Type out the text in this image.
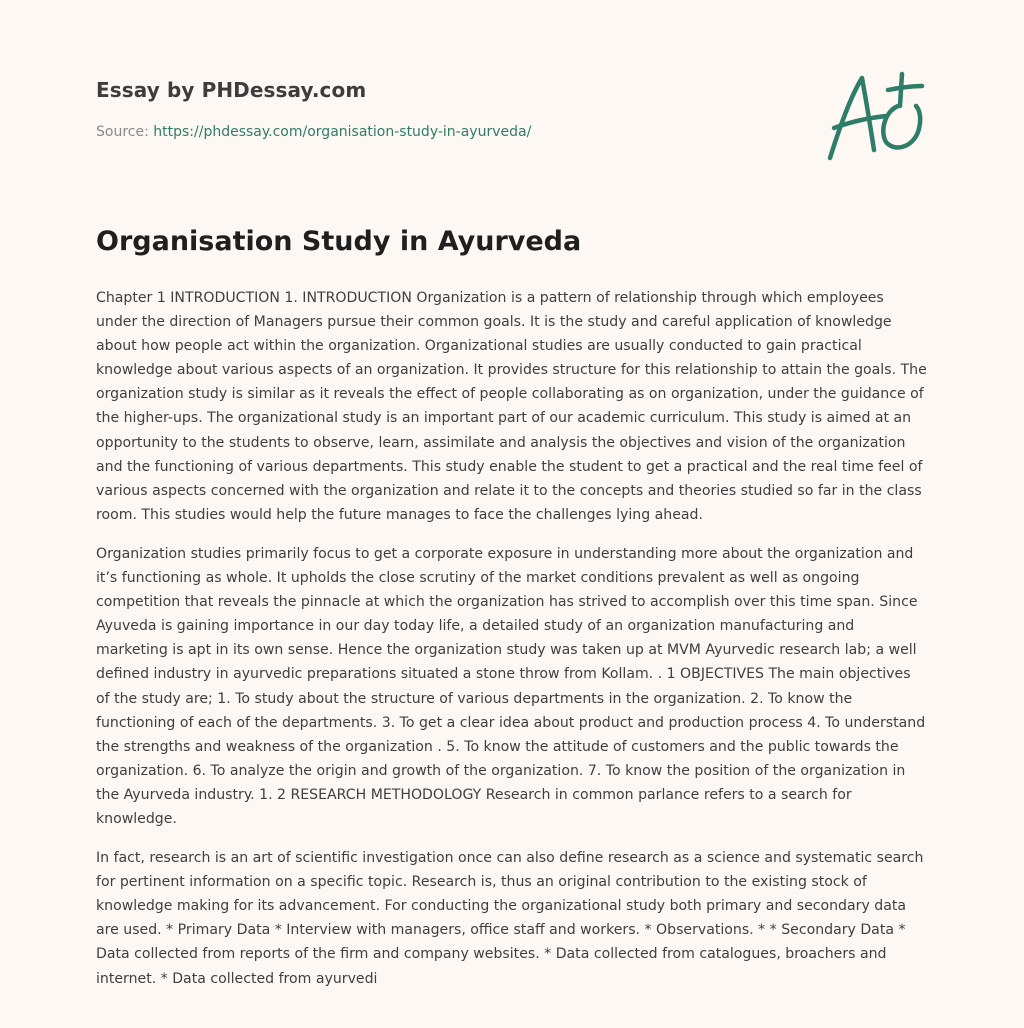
Essay by PHDessay.com
Source: https://phdessay.com/organisation-study-in-ayurveda/
Organisation Study in Ayurveda

Chapter 1 INTRODUCTION 1. INTRODUCTION Organization is a pattern of relationship through which employees under the direction of Managers pursue their common goals. It is the study and careful application of knowledge about how people act within the organization. Organizational studies are usually conducted to gain practical knowledge about various aspects of an organization. It provides structure for this relationship to attain the goals. The organization study is similar as it reveals the effect of people collaborating as on organization, under the guidance of the higher-ups. The organizational study is an important part of our academic curriculum. This study is aimed at an opportunity to the students to observe, learn, assimilate and analysis the objectives and vision of the organization and the functioning of various departments. This study enable the student to get a practical and the real time feel of various aspects concerned with the organization and relate it to the concepts and theories studied so far in the class room. This studies would help the future manages to face the challenges lying ahead.

Organization studies primarily focus to get a corporate exposure in understanding more about the organization and it’s functioning as whole. It upholds the close scrutiny of the market conditions prevalent as well as ongoing competition that reveals the pinnacle at which the organization has strived to accomplish over this time span. Since Ayuveda is gaining importance in our day today life, a detailed study of an organization manufacturing and marketing is apt in its own sense. Hence the organization study was taken up at MVM Ayurvedic research lab; a well defined industry in ayurvedic preparations situated a stone throw from Kollam. . 1 OBJECTIVES The main objectives of the study are; 1. To study about the structure of various departments in the organization. 2. To know the functioning of each of the departments. 3. To get a clear idea about product and production process 4. To understand the strengths and weakness of the organization . 5. To know the attitude of customers and the public towards the organization. 6. To analyze the origin and growth of the organization. 7. To know the position of the organization in the Ayurveda industry. 1. 2 RESEARCH METHODOLOGY Research in common parlance refers to a search for knowledge.

In fact, research is an art of scientific investigation once can also define research as a science and systematic search for pertinent information on a specific topic. Research is, thus an original contribution to the existing stock of knowledge making for its advancement. For conducting the organizational study both primary and secondary data are used. * Primary Data * Interview with managers, office staff and workers. * Observations. * * Secondary Data * Data collected from reports of the firm and company websites. * Data collected from catalogues, broachers and internet. * Data collected from ayurvedi
